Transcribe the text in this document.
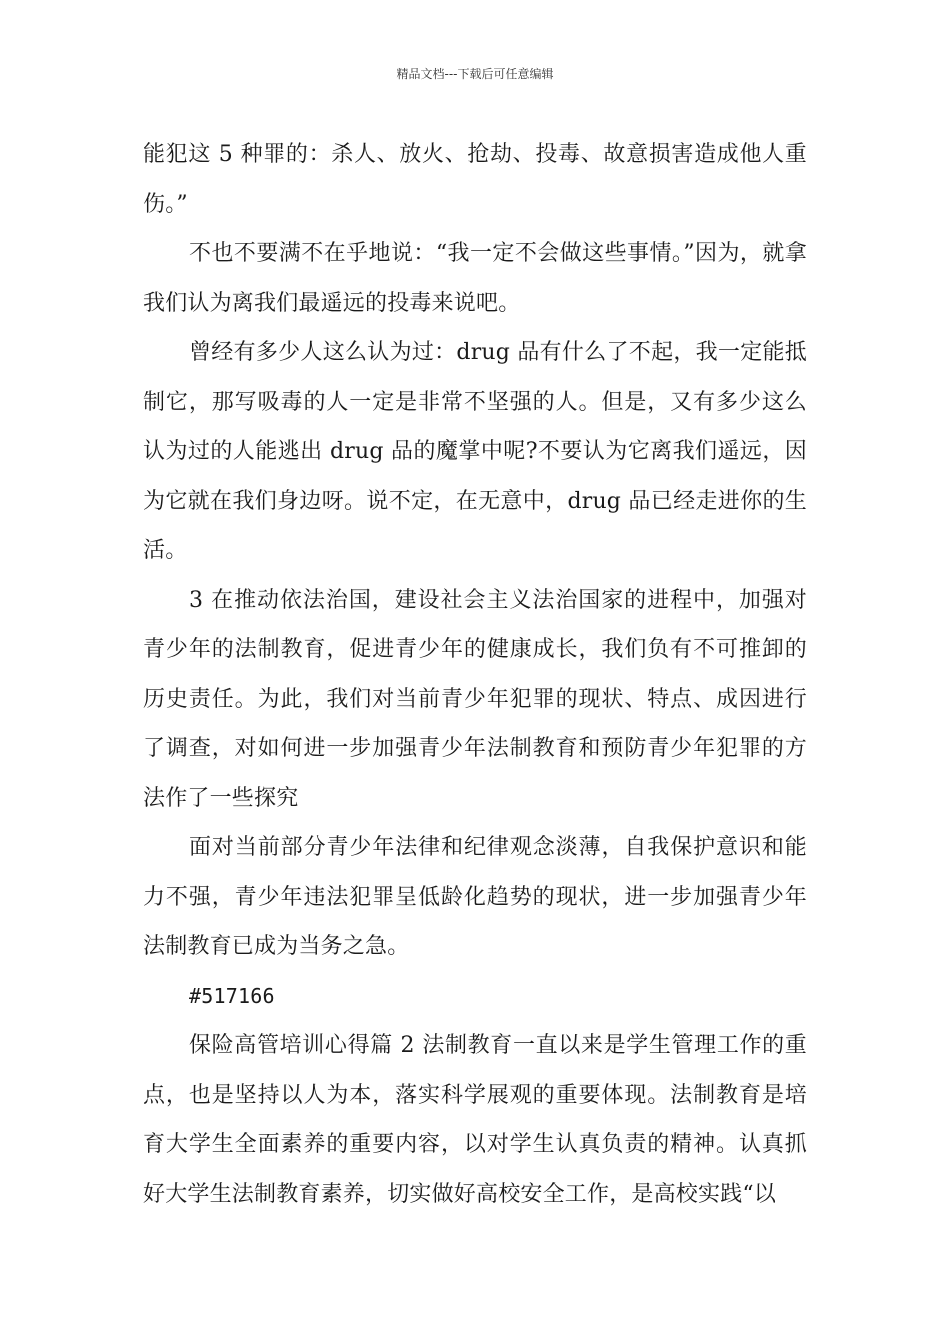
精品文档---下载后可任意编辑

能犯这 5 种罪的：杀人、放火、抢劫、投毒、故意损害造成他人重伤。”

不也不要满不在乎地说：“我一定不会做这些事情。”因为，就拿我们认为离我们最遥远的投毒来说吧。

曾经有多少人这么认为过：drug 品有什么了不起，我一定能抵制它，那写吸毒的人一定是非常不坚强的人。但是，又有多少这么认为过的人能逃出 drug 品的魔掌中呢?不要认为它离我们遥远，因为它就在我们身边呀。说不定，在无意中，drug 品已经走进你的生活。

3 在推动依法治国，建设社会主义法治国家的进程中，加强对青少年的法制教育，促进青少年的健康成长，我们负有不可推卸的历史责任。为此，我们对当前青少年犯罪的现状、特点、成因进行了调查，对如何进一步加强青少年法制教育和预防青少年犯罪的方法作了一些探究

面对当前部分青少年法律和纪律观念淡薄，自我保护意识和能力不强，青少年违法犯罪呈低龄化趋势的现状，进一步加强青少年法制教育已成为当务之急。

#517166

保险高管培训心得篇 2 法制教育一直以来是学生管理工作的重点，也是坚持以人为本，落实科学展观的重要体现。法制教育是培育大学生全面素养的重要内容，以对学生认真负责的精神。认真抓好大学生法制教育素养，切实做好高校安全工作，是高校实践“以
